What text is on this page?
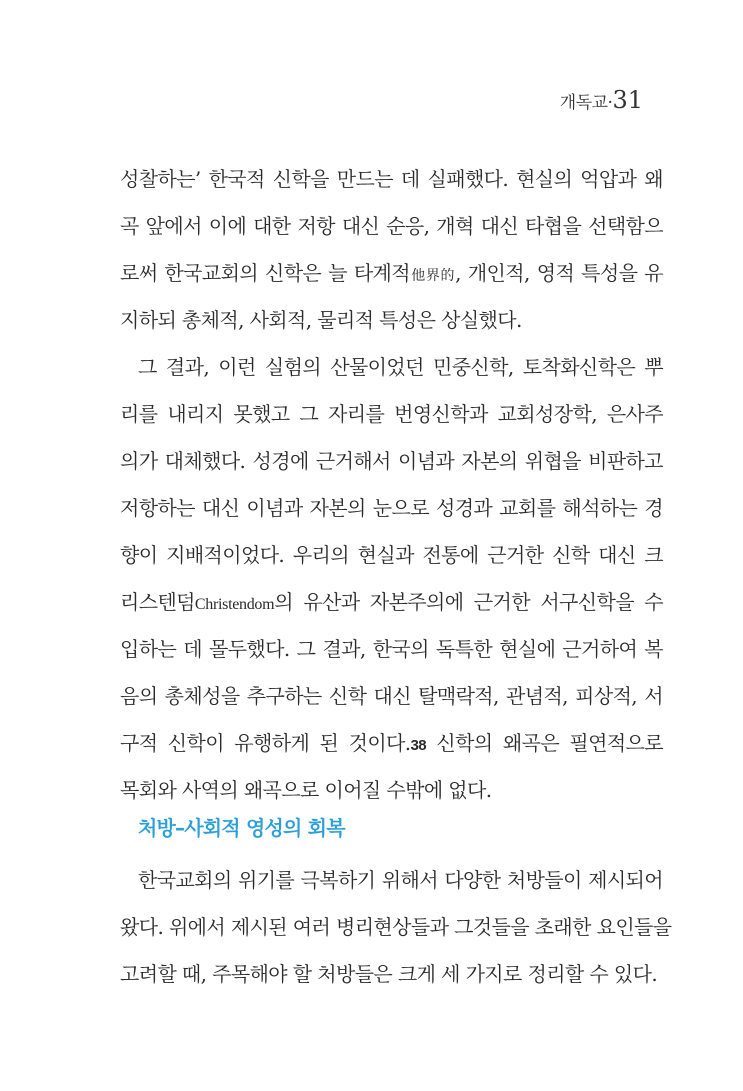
개독교·31
성찰하는’ 한국적 신학을 만드는 데 실패했다. 현실의 억압과 왜
곡 앞에서 이에 대한 저항 대신 순응, 개혁 대신 타협을 선택함으
로써 한국교회의 신학은 늘 타계적他界的, 개인적, 영적 특성을 유
지하되 총체적, 사회적, 물리적 특성은 상실했다.
그 결과, 이런 실험의 산물이었던 민중신학, 토착화신학은 뿌
리를 내리지 못했고 그 자리를 번영신학과 교회성장학, 은사주
의가 대체했다. 성경에 근거해서 이념과 자본의 위협을 비판하고
저항하는 대신 이념과 자본의 눈으로 성경과 교회를 해석하는 경
향이 지배적이었다. 우리의 현실과 전통에 근거한 신학 대신 크
리스텐덤Christendom의 유산과 자본주의에 근거한 서구신학을 수
입하는 데 몰두했다. 그 결과, 한국의 독특한 현실에 근거하여 복
음의 총체성을 추구하는 신학 대신 탈맥락적, 관념적, 피상적, 서
구적 신학이 유행하게 된 것이다.38 신학의 왜곡은 필연적으로
목회와 사역의 왜곡으로 이어질 수밖에 없다.
처방–사회적 영성의 회복
한국교회의 위기를 극복하기 위해서 다양한 처방들이 제시되어
왔다. 위에서 제시된 여러 병리현상들과 그것들을 초래한 요인들을
고려할 때, 주목해야 할 처방들은 크게 세 가지로 정리할 수 있다.
